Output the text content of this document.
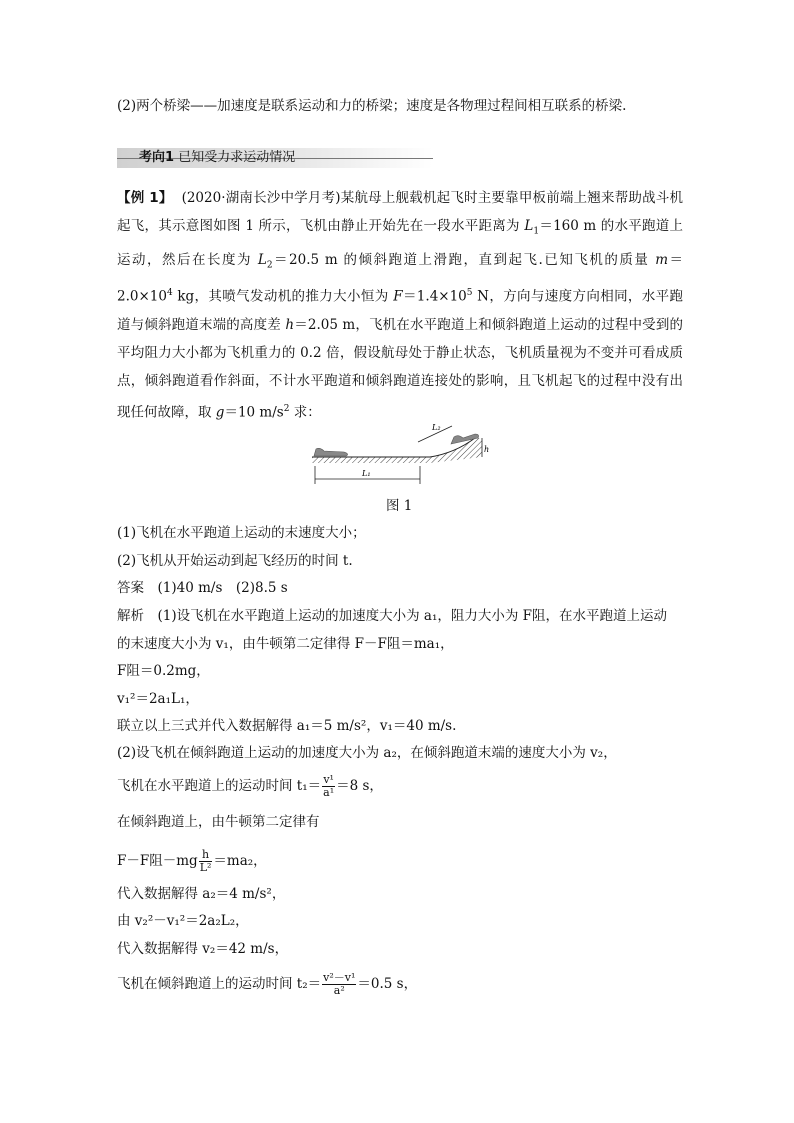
(2)两个桥梁——加速度是联系运动和力的桥梁；速度是各物理过程间相互联系的桥梁.
考向1 已知受力求运动情况
【例 1】 (2020·湖南长沙中学月考)某航母上舰载机起飞时主要靠甲板前端上翘来帮助战斗机起飞，其示意图如图 1 所示，飞机由静止开始先在一段水平距离为 $L_1=160$ m 的水平跑道上运动，然后在长度为 $L_2=20.5$ m 的倾斜跑道上滑跑，直到起飞.已知飞机的质量 $m=2.0\times 10^4$ kg，其喷气发动机的推力大小恒为 $F=1.4\times 10^5$ N，方向与速度方向相同，水平跑道与倾斜跑道末端的高度差 h＝2.05 m，飞机在水平跑道上和倾斜跑道上运动的过程中受到的平均阻力大小都为飞机重力的 0.2 倍，假设航母处于静止状态，飞机质量视为不变并可看成质点，倾斜跑道看作斜面，不计水平跑道和倾斜跑道连接处的影响，且飞机起飞的过程中没有出现任何故障，取 g＝10 $m/s^2$ 求：
L₁
L₂
h
图 1
(1)飞机在水平跑道上运动的末速度大小；
(2)飞机从开始运动到起飞经历的时间 t.
答案　 (1)40 m/s　(2)8.5 s
解析　 (1)设飞机在水平跑道上运动的加速度大小为 a₁，阻力大小为 F阻，在水平跑道上运动
的末速度大小为 v₁，由牛顿第二定律得 F－F阻＝ma₁，
F阻＝0.2mg，
v₁²＝2a₁L₁，
联立以上三式并代入数据解得 a₁＝5 m/s²，v₁＝40 m/s.
(2)设飞机在倾斜跑道上运动的加速度大小为 a₂，在倾斜跑道末端的速度大小为 v₂，
飞机在水平跑道上的运动时间 $t_1= \frac{\text{v¹}}{\text{a¹}} =8$ s，
在倾斜跑道上，由牛顿第二定律有
F－F阻$-mg \frac{h}{\text{L²}} =ma_2$，
代入数据解得 a₂＝4 m/s²，
由 v₂²－v₁²＝2a₂L₂，
代入数据解得 v₂＝42 m/s，
飞机在倾斜跑道上的运动时间 $t_2= \frac{\text{v²－v¹}}{\text{a²}} =0.5$ s，
